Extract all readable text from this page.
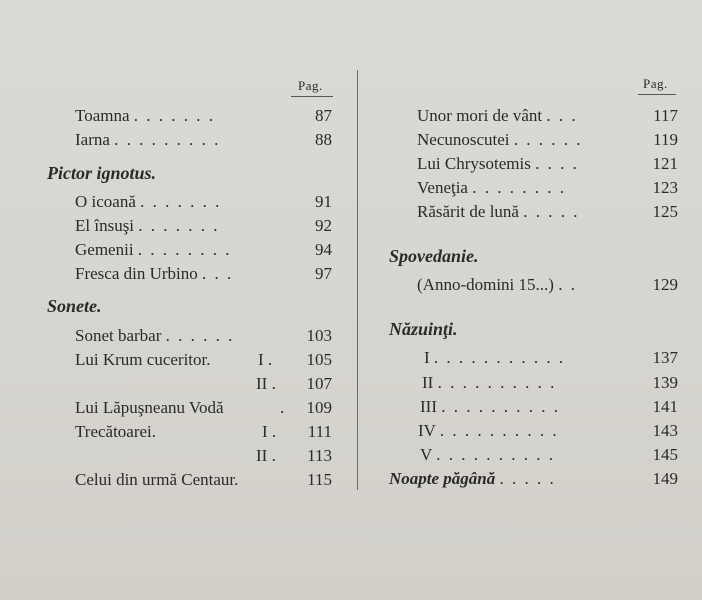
Pag.
Toamna . . . . . . .	87
Iarna . . . . . . . . .	88
Pictor ignotus.
O icoană . . . . . . .	91
El însuşi . . . . . . .	92
Gemenii . . . . . . . .	94
Fresca din Urbino . . .	97
Sonete.
Sonet barbar . . . . . .	103
Lui Krum cuceritor.	I .	105
II .	107
Lui Lăpuşneanu Vodă	.	109
Trecătoarei.	I .	111
II .	113
Celui din urmă Centaur.	115
Pag.
Unor mori de vânt . . .	117
Necunoscutei . . . . . .	119
Lui Chrysotemis . . . .	121
Veneţia . . . . . . . .	123
Răsărit de lună . . . . .	125
Spovedanie.
(Anno-domini 15...) . .	129
Năzuinţi.
I . . . . . . . . . . .	137
II . . . . . . . . . .	139
III . . . . . . . . . .	141
IV . . . . . . . . . .	143
V . . . . . . . . . .	145
Noapte păgână . . . . .	149
